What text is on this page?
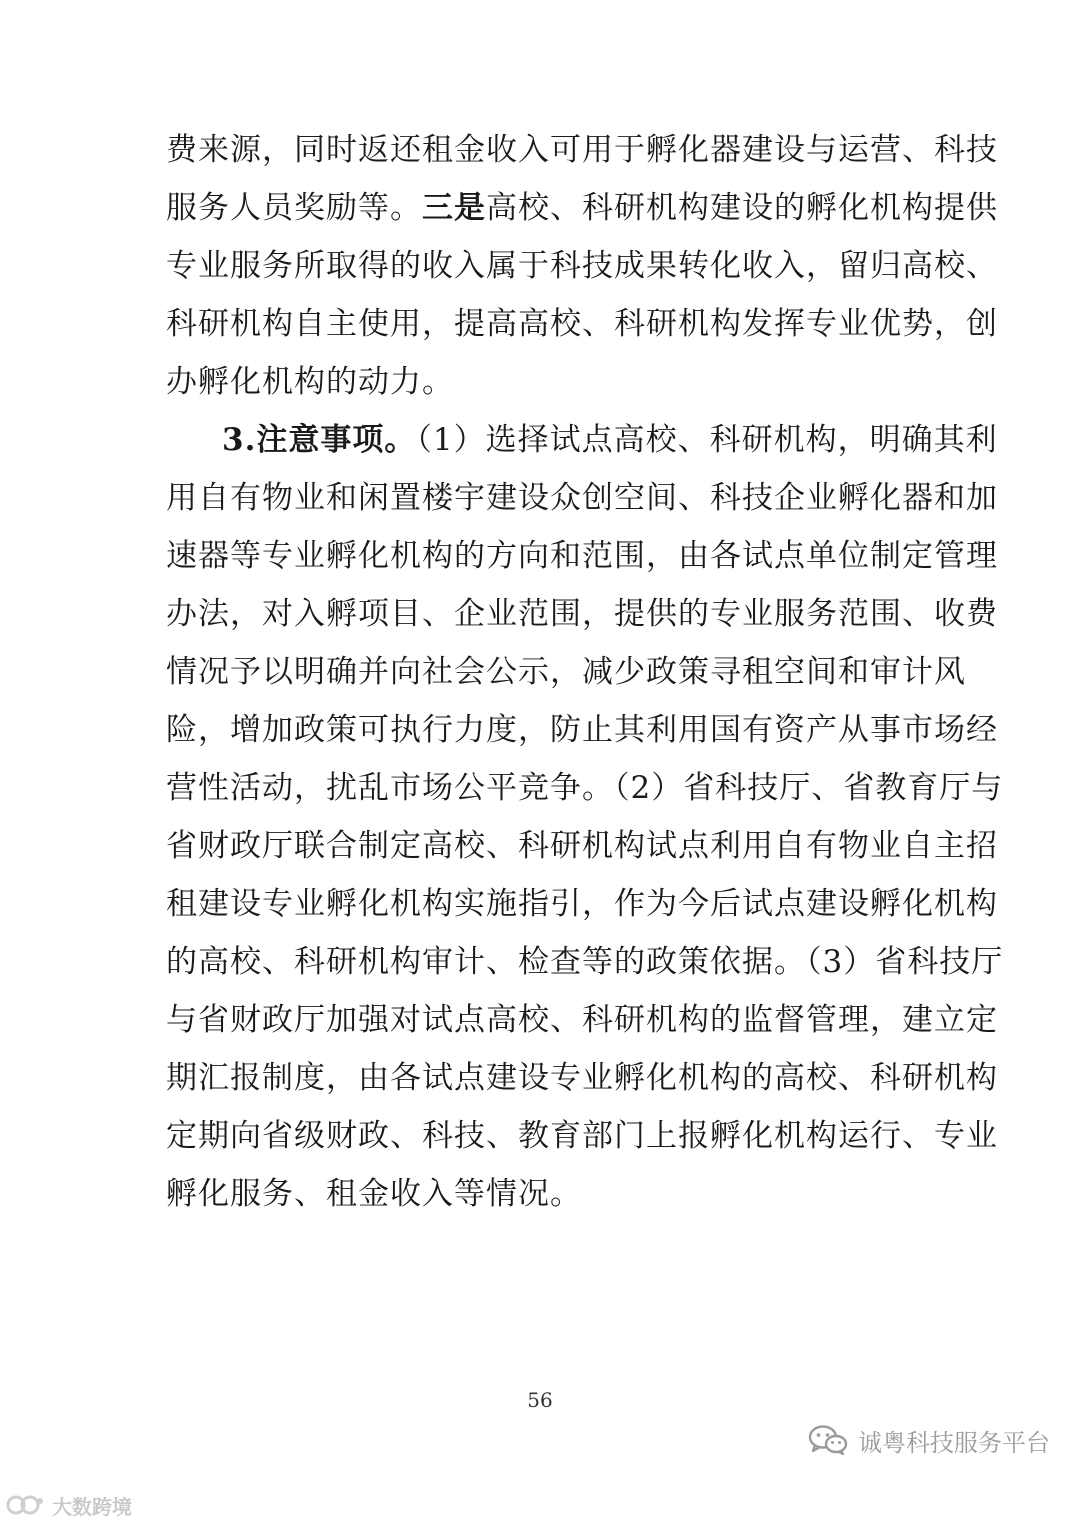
费来源，同时返还租金收入可用于孵化器建设与运营、科技
服务人员奖励等。三是高校、科研机构建设的孵化机构提供
专业服务所取得的收入属于科技成果转化收入，留归高校、
科研机构自主使用，提高高校、科研机构发挥专业优势，创
办孵化机构的动力。
3.注意事项。（1）选择试点高校、科研机构，明确其利
用自有物业和闲置楼宇建设众创空间、科技企业孵化器和加
速器等专业孵化机构的方向和范围，由各试点单位制定管理
办法，对入孵项目、企业范围，提供的专业服务范围、收费
情况予以明确并向社会公示，减少政策寻租空间和审计风
险，增加政策可执行力度，防止其利用国有资产从事市场经
营性活动，扰乱市场公平竞争。（2）省科技厅、省教育厅与
省财政厅联合制定高校、科研机构试点利用自有物业自主招
租建设专业孵化机构实施指引，作为今后试点建设孵化机构
的高校、科研机构审计、检查等的政策依据。（3）省科技厅
与省财政厅加强对试点高校、科研机构的监督管理，建立定
期汇报制度，由各试点建设专业孵化机构的高校、科研机构
定期向省级财政、科技、教育部门上报孵化机构运行、专业
孵化服务、租金收入等情况。
56
诚粤科技服务平台
大数跨境
